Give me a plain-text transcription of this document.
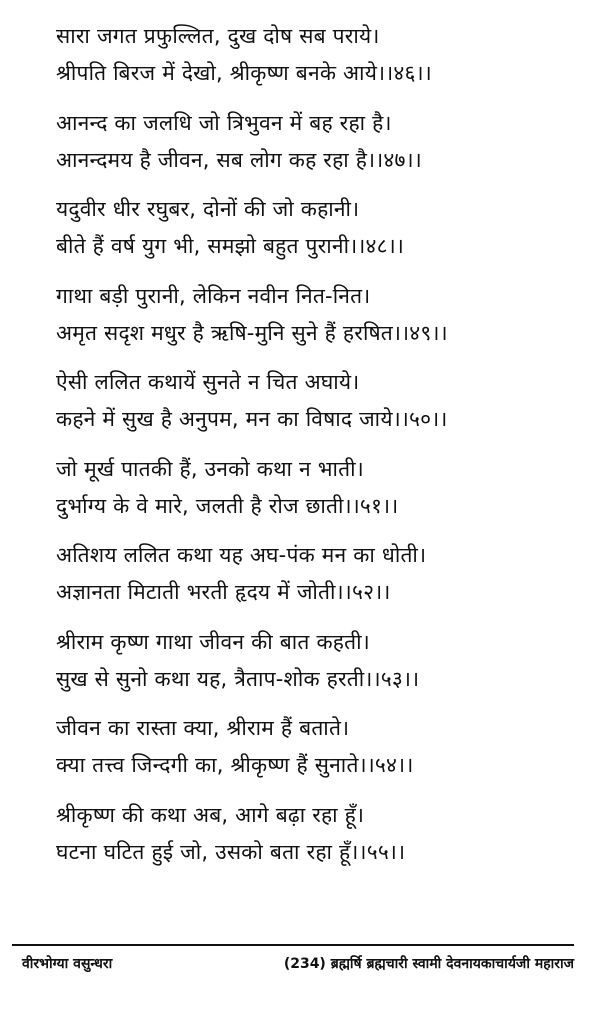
सारा जगत प्रफुल्लित, दुख दोष सब पराये।
श्रीपति बिरज में देखो, श्रीकृष्ण बनके आये।।४६।।
आनन्द का जलधि जो त्रिभुवन में बह रहा है।
आनन्दमय है जीवन, सब लोग कह रहा है।।४७।।
यदुवीर धीर रघुबर, दोनों की जो कहानी।
बीते हैं वर्ष युग भी, समझो बहुत पुरानी।।४८।।
गाथा बड़ी पुरानी, लेकिन नवीन नित-नित।
अमृत सदृश मधुर है ऋषि-मुनि सुने हैं हरषित।।४९।।
ऐसी ललित कथायें सुनते न चित अघाये।
कहने में सुख है अनुपम, मन का विषाद जाये।।५०।।
जो मूर्ख पातकी हैं, उनको कथा न भाती।
दुर्भाग्य के वे मारे, जलती है रोज छाती।।५१।।
अतिशय ललित कथा यह अघ-पंक मन का धोती।
अज्ञानता मिटाती भरती हृदय में जोती।।५२।।
श्रीराम कृष्ण गाथा जीवन की बात कहती।
सुख से सुनो कथा यह, त्रैताप-शोक हरती।।५३।।
जीवन का रास्ता क्या, श्रीराम हैं बताते।
क्या तत्त्व जिन्दगी का, श्रीकृष्ण हैं सुनाते।।५४।।
श्रीकृष्ण की कथा अब, आगे बढ़ा रहा हूँ।
घटना घटित हुई जो, उसको बता रहा हूँ।।५५।।
वीरभोग्या वसुन्धरा	(234) ब्रह्मर्षि ब्रह्मचारी स्वामी देवनायकाचार्यजी महाराज
